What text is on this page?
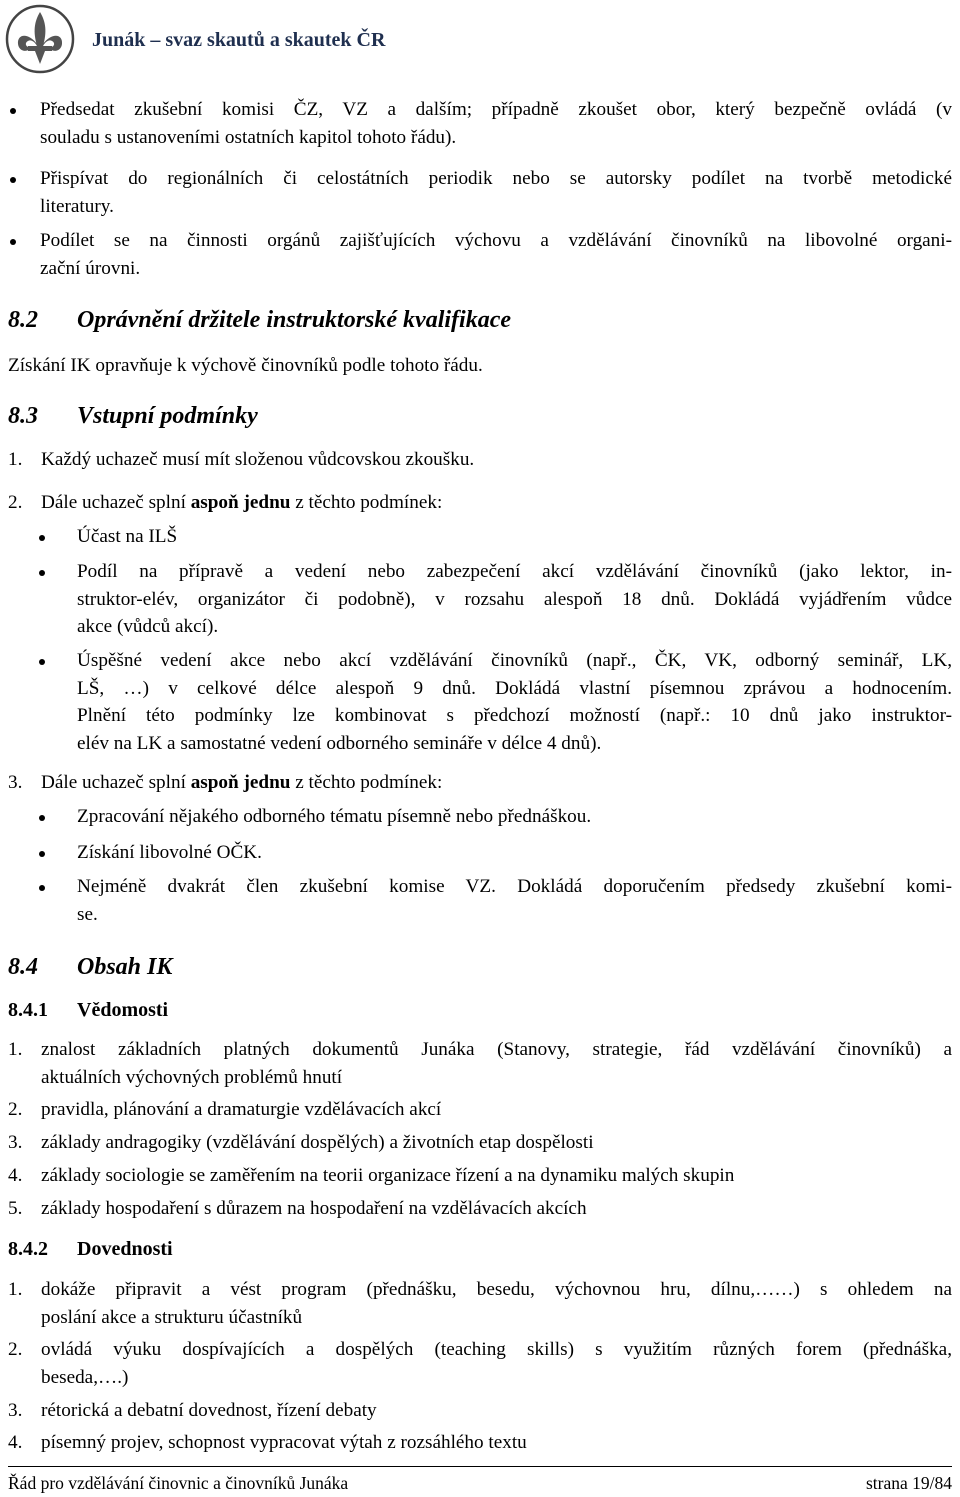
Junák – svaz skautů a skautek ČR
Předsedat zkušební komisi ČZ, VZ a dalším; případně zkoušet obor, který bezpečně ovládá (v
souladu s ustanoveními ostatních kapitol tohoto řádu).
Přispívat do regionálních či celostátních periodik nebo se autorsky podílet na tvorbě metodické
literatury.
Podílet se na činnosti orgánů zajišťujících výchovu a vzdělávání činovníků na libovolné organi-
zační úrovni.
8.2 Oprávnění držitele instruktorské kvalifikace
Získání IK opravňuje k výchově činovníků podle tohoto řádu.
8.3 Vstupní podmínky
1. Každý uchazeč musí mít složenou vůdcovskou zkoušku.
2. Dále uchazeč splní aspoň jednu z těchto podmínek:
Účast na ILŠ
Podíl na přípravě a vedení nebo zabezpečení akcí vzdělávání činovníků (jako lektor, in-
struktor-elév, organizátor či podobně), v rozsahu alespoň 18 dnů. Dokládá vyjádřením vůdce
akce (vůdců akcí).
Úspěšné vedení akce nebo akcí vzdělávání činovníků (např., ČK, VK, odborný seminář, LK,
LŠ, …) v celkové délce alespoň 9 dnů. Dokládá vlastní písemnou zprávou a hodnocením.
Plnění této podmínky lze kombinovat s předchozí možností (např.: 10 dnů jako instruktor-
elév na LK a samostatné vedení odborného semináře v délce 4 dnů).
3. Dále uchazeč splní aspoň jednu z těchto podmínek:
Zpracování nějakého odborného tématu písemně nebo přednáškou.
Získání libovolné OČK.
Nejméně dvakrát člen zkušební komise VZ. Dokládá doporučením předsedy zkušební komi-
se.
8.4 Obsah IK
8.4.1 Vědomosti
1. znalost základních platných dokumentů Junáka (Stanovy, strategie, řád vzdělávání činovníků) a
aktuálních výchovných problémů hnutí
2. pravidla, plánování a dramaturgie vzdělávacích akcí
3. základy andragogiky (vzdělávání dospělých) a životních etap dospělosti
4. základy sociologie se zaměřením na teorii organizace řízení a na dynamiku malých skupin
5. základy hospodaření s důrazem na hospodaření na vzdělávacích akcích
8.4.2 Dovednosti
1. dokáže připravit a vést program (přednášku, besedu, výchovnou hru, dílnu,……) s ohledem na
poslání akce a strukturu účastníků
2. ovládá výuku dospívajících a dospělých (teaching skills) s využitím různých forem (přednáška,
beseda,….)
3. rétorická a debatní dovednost, řízení debaty
4. písemný projev, schopnost vypracovat výtah z rozsáhlého textu
Řád pro vzdělávání činovnic a činovníků Junáka	strana 19/84
